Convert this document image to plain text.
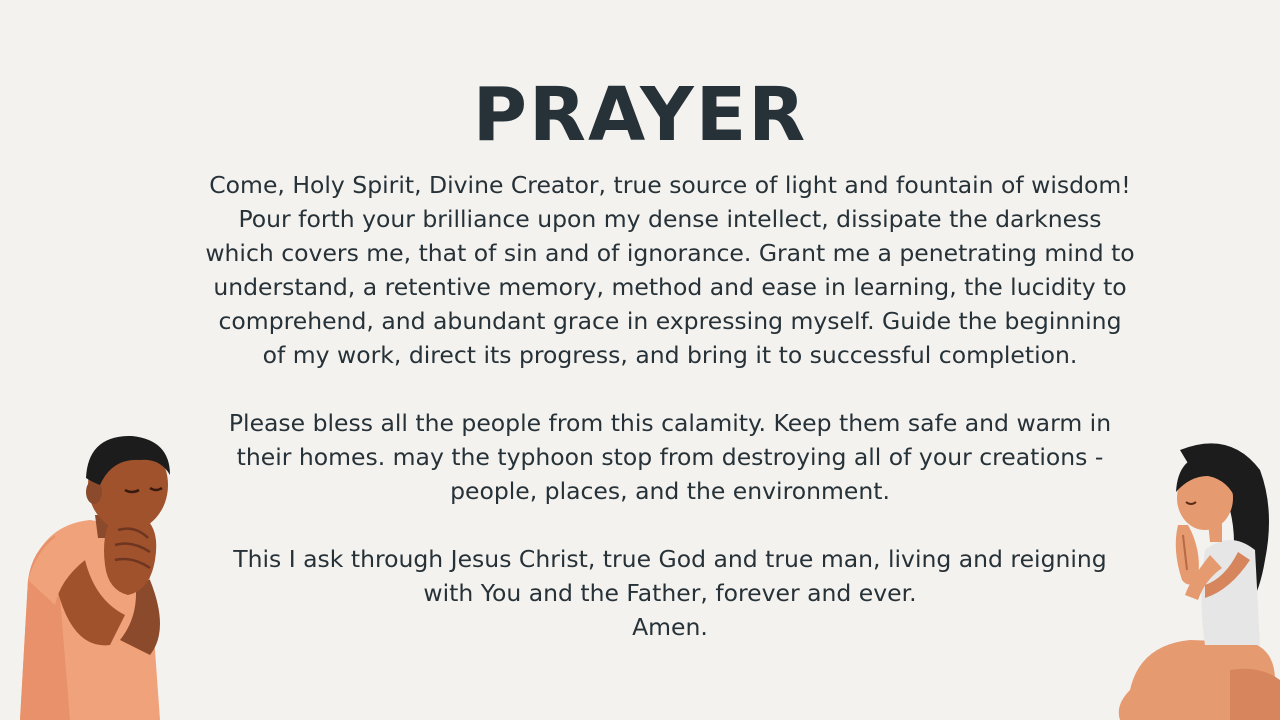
PRAYER

Come, Holy Spirit, Divine Creator, true source of light and fountain of wisdom!
Pour forth your brilliance upon my dense intellect, dissipate the darkness
which covers me, that of sin and of ignorance. Grant me a penetrating mind to
understand, a retentive memory, method and ease in learning, the lucidity to
comprehend, and abundant grace in expressing myself. Guide the beginning
of my work, direct its progress, and bring it to successful completion.

Please bless all the people from this calamity. Keep them safe and warm in
their homes. may the typhoon stop from destroying all of your creations -
people, places, and the environment.

This I ask through Jesus Christ, true God and true man, living and reigning
with You and the Father, forever and ever.
Amen.
